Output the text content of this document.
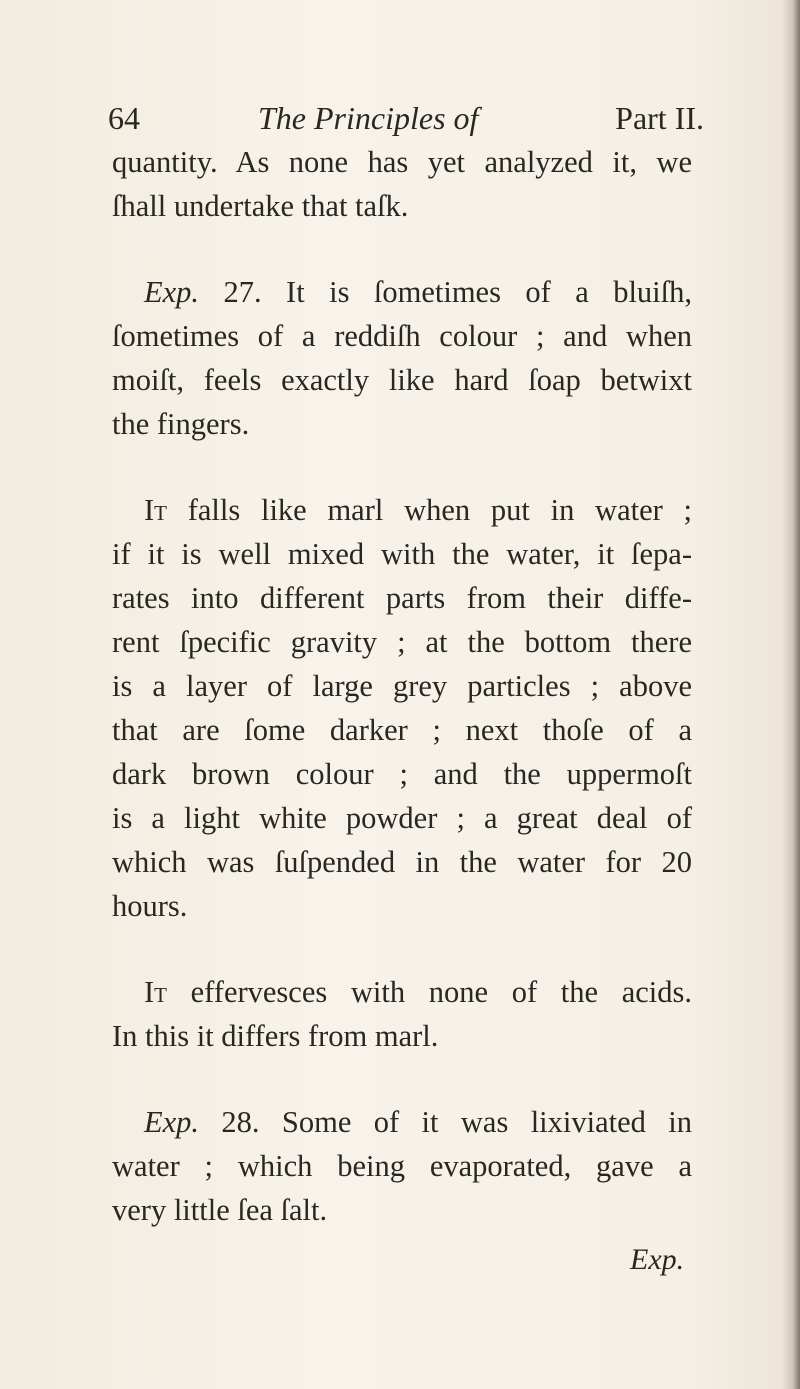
64	The Principles of	Part II.
quantity. As none has yet analyzed it, we
ſhall undertake that taſk.
Exp. 27. It is ſometimes of a bluiſh,
ſometimes of a reddiſh colour ; and when
moiſt, feels exactly like hard ſoap betwixt
the fingers.
It falls like marl when put in water ;
if it is well mixed with the water, it ſepa-
rates into different parts from their diffe-
rent ſpecific gravity ; at the bottom there
is a layer of large grey particles ; above
that are ſome darker ; next thoſe of a
dark brown colour ; and the uppermoſt
is a light white powder ; a great deal of
which was ſuſpended in the water for 20
hours.
It effervesces with none of the acids.
In this it differs from marl.
Exp. 28. Some of it was lixiviated in
water ; which being evaporated, gave a
very little ſea ſalt.
Exp.
